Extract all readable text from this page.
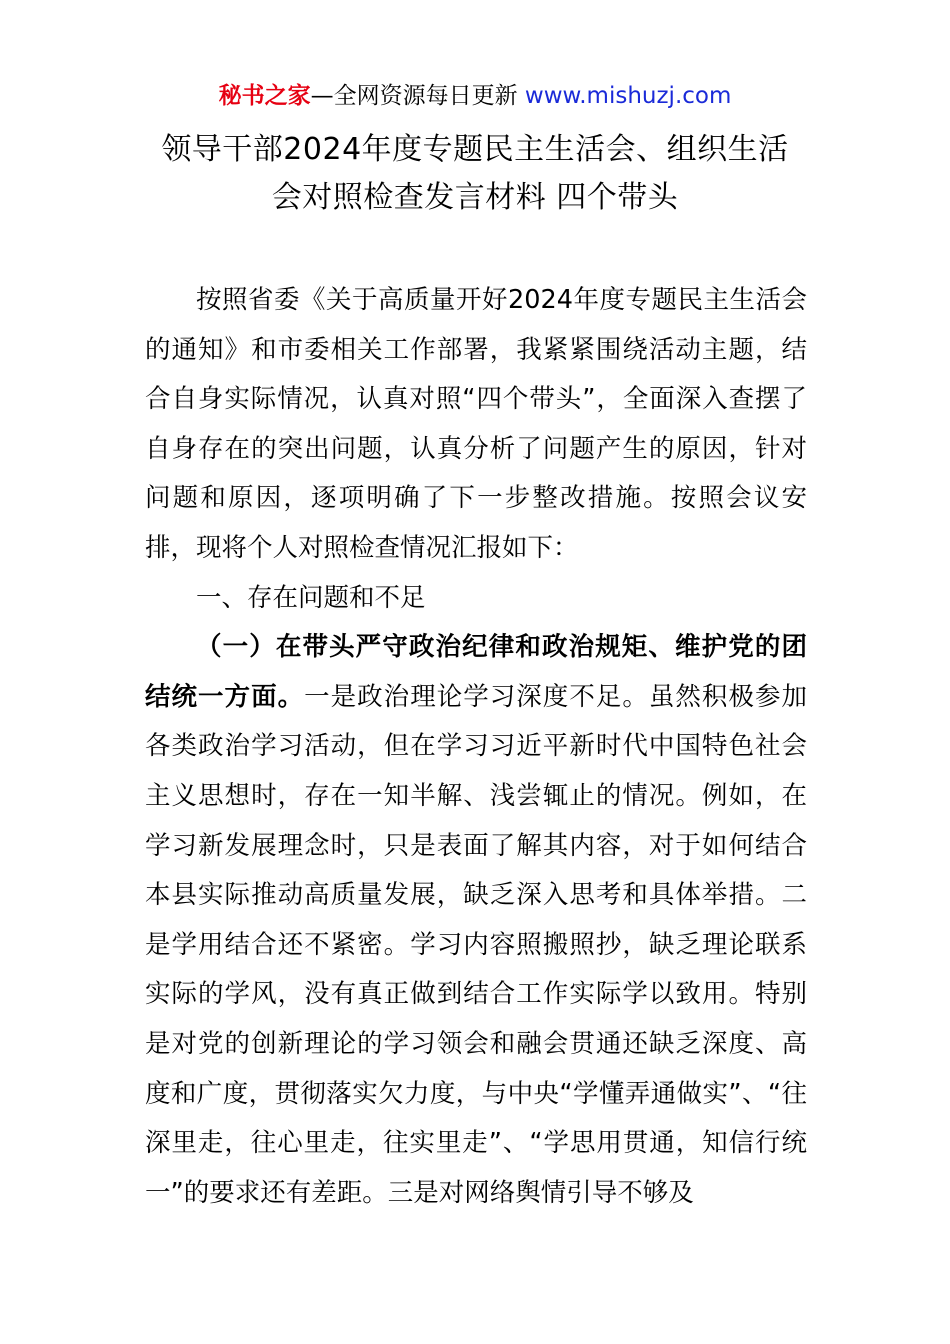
秘书之家—全网资源每日更新 www.mishuzj.com
领导干部2024年度专题民主生活会、组织生活
会对照检查发言材料 四个带头

按照省委《关于高质量开好2024年度专题民主生活会的通知》和市委相关工作部署，我紧紧围绕活动主题，结合自身实际情况，认真对照“四个带头”，全面深入查摆了自身存在的突出问题，认真分析了问题产生的原因，针对问题和原因，逐项明确了下一步整改措施。按照会议安排，现将个人对照检查情况汇报如下：

一、存在问题和不足

（一）在带头严守政治纪律和政治规矩、维护党的团结统一方面。一是政治理论学习深度不足。虽然积极参加各类政治学习活动，但在学习习近平新时代中国特色社会主义思想时，存在一知半解、浅尝辄止的情况。例如，在学习新发展理念时，只是表面了解其内容，对于如何结合本县实际推动高质量发展，缺乏深入思考和具体举措。二是学用结合还不紧密。学习内容照搬照抄，缺乏理论联系实际的学风，没有真正做到结合工作实际学以致用。特别是对党的创新理论的学习领会和融会贯通还缺乏深度、高度和广度，贯彻落实欠力度，与中央“学懂弄通做实”、“往深里走，往心里走，往实里走”、“学思用贯通，知信行统一”的要求还有差距。三是对网络舆情引导不够及
